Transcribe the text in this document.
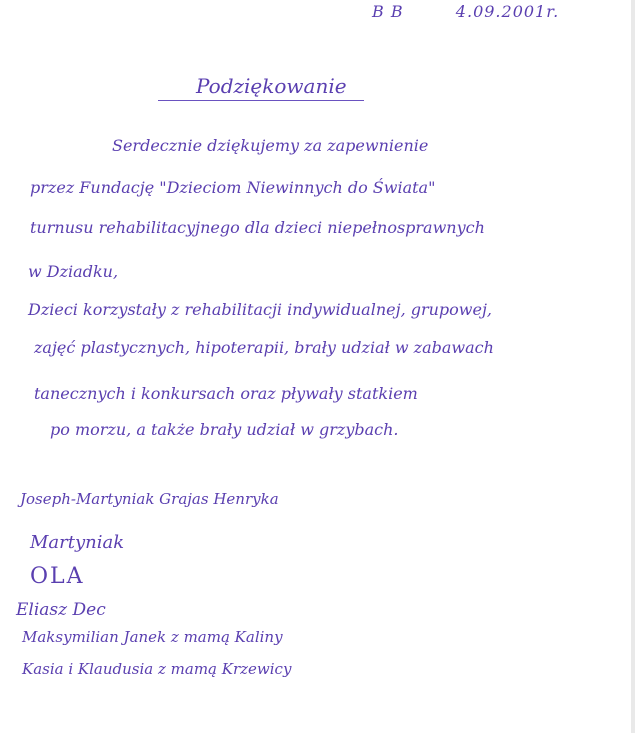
B B	4.09.2001r.
Podziękowanie
Serdecznie dziękujemy za zapewnienie
przez Fundację "Dzieciom Niewinnych do Świata"
turnusu rehabilitacyjnego dla dzieci niepełnosprawnych
w Dziadku,
Dzieci korzystały z rehabilitacji indywidualnej, grupowej,
zajęć plastycznych, hipoterapii, brały udział w zabawach
tanecznych i konkursach oraz pływały statkiem
po morzu, a także brały udział w grzybach.
Joseph-Martyniak Grajas Henryka
Martyniak
OLA
Eliasz Dec
Maksymilian Janek z mamą Kaliny
Kasia i Klaudusia z mamą Krzewicy
